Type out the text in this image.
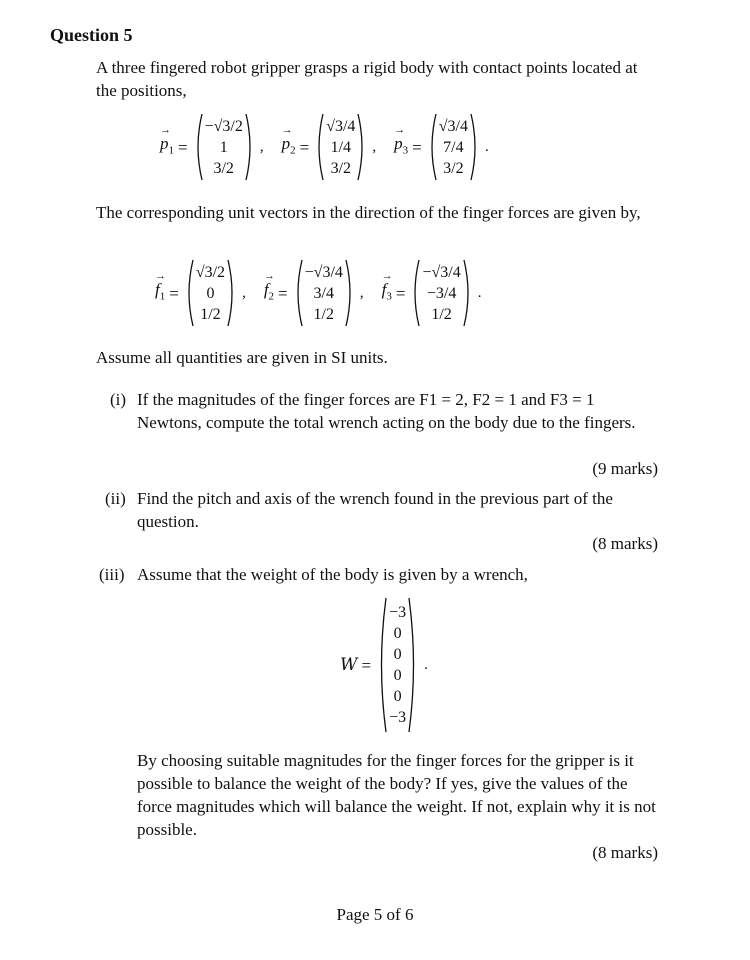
Question 5
A three fingered robot gripper grasps a rigid body with contact points located at the positions,
→ $p_1$ =
−√3/2
1
3/2
, → $p_2$ =
√3/4
1/4
3/2
, → $p_3$ =
√3/4
7/4
3/2
.
The corresponding unit vectors in the direction of the finger forces are given by,
→ $f_1$ =
√3/2
0
1/2
, → $f_2$ =
−√3/4
3/4
1/2
, → $f_3$ =
−√3/4
−3/4
1/2
.
Assume all quantities are given in SI units.
(i) If the magnitudes of the finger forces are F1 = 2, F2 = 1 and F3 = 1 Newtons, compute the total wrench acting on the body due to the fingers.
(9 marks)
(ii) Find the pitch and axis of the wrench found in the previous part of the question.
(8 marks)
(iii) Assume that the weight of the body is given by a wrench,
W =
−3
0
0
0
0
−3
.
By choosing suitable magnitudes for the finger forces for the gripper is it possible to balance the weight of the body? If yes, give the values of the force magnitudes which will balance the weight. If not, explain why it is not possible.
(8 marks)
Page 5 of 6
